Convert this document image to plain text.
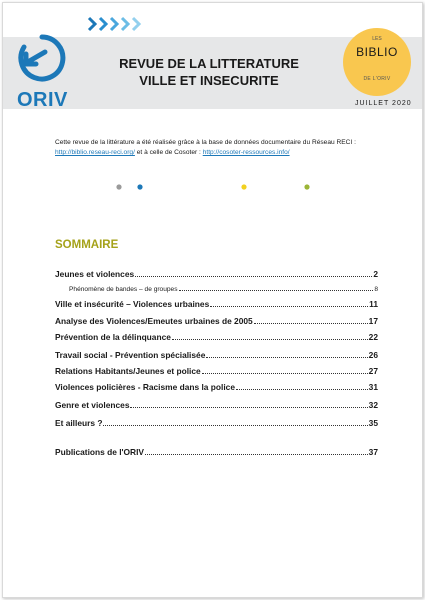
ORIV
REVUE DE LA LITTERATURE
VILLE ET INSECURITE
LES
BIBLIO
DE L'ORIV
JUILLET 2020
Cette revue de la littérature a été réalisée grâce à la base de données documentaire du Réseau RECI : http://biblio.reseau-reci.org/ et à celle de Cosoter : http://cosoter-ressources.info/
SOMMAIRE
Jeunes et violences	2
Phénomène de bandes – de groupes	8
Ville et insécurité – Violences urbaines	11
Analyse des Violences/Emeutes urbaines de 2005	17
Prévention de la délinquance	22
Travail social - Prévention spécialisée	26
Relations Habitants/Jeunes et police	27
Violences policières - Racisme dans la police	31
Genre et violences	32
Et ailleurs ?	35
Publications de l'ORIV	37
